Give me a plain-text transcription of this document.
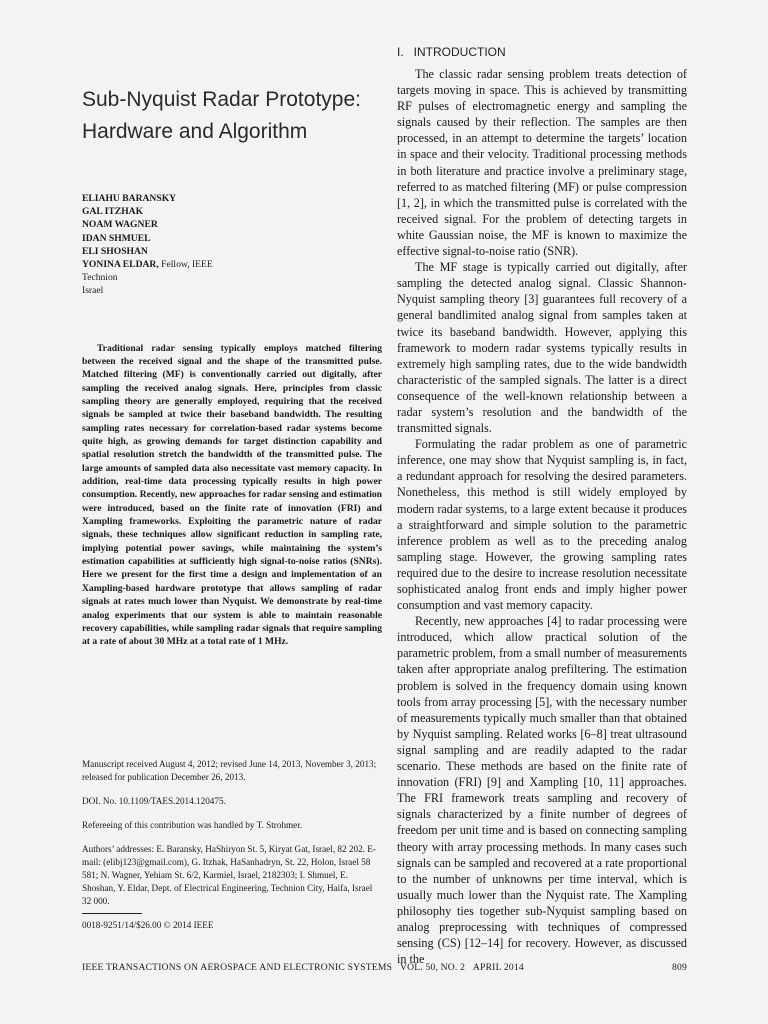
Sub-Nyquist Radar Prototype:
Hardware and Algorithm
ELIAHU BARANSKY
GAL ITZHAK
NOAM WAGNER
IDAN SHMUEL
ELI SHOSHAN
YONINA ELDAR, Fellow, IEEE
Technion
Israel

Traditional radar sensing typically employs matched filtering between the received signal and the shape of the transmitted pulse. Matched filtering (MF) is conventionally carried out digitally, after sampling the received analog signals. Here, principles from classic sampling theory are generally employed, requiring that the received signals be sampled at twice their baseband bandwidth. The resulting sampling rates necessary for correlation-based radar systems become quite high, as growing demands for target distinction capability and spatial resolution stretch the bandwidth of the transmitted pulse. The large amounts of sampled data also necessitate vast memory capacity. In addition, real-time data processing typically results in high power consumption. Recently, new approaches for radar sensing and estimation were introduced, based on the finite rate of innovation (FRI) and Xampling frameworks. Exploiting the parametric nature of radar signals, these techniques allow significant reduction in sampling rate, implying potential power savings, while maintaining the system’s estimation capabilities at sufficiently high signal-to-noise ratios (SNRs). Here we present for the first time a design and implementation of an Xampling-based hardware prototype that allows sampling of radar signals at rates much lower than Nyquist. We demonstrate by real-time analog experiments that our system is able to maintain reasonable recovery capabilities, while sampling radar signals that require sampling at a rate of about 30 MHz at a total rate of 1 MHz.

Manuscript received August 4, 2012; revised June 14, 2013, November 3, 2013; released for publication December 26, 2013.

DOI. No. 10.1109/TAES.2014.120475.

Refereeing of this contribution was handled by T. Strohmer.

Authors’ addresses: E. Baransky, HaShiryon St. 5, Kiryat Gat, Israel, 82 202. E-mail: (elibj123@gmail.com), G. Itzhak, HaSanhadryn, St. 22, Holon, Israel 58 581; N. Wagner, Yehiam St. 6/2, Karmiel, Israel, 2182303; I. Shmuel, E. Shoshan, Y. Eldar, Dept. of Electrical Engineering, Technion City, Haifa, Israel 32 000.

0018-9251/14/$26.00 © 2014 IEEE
I. INTRODUCTION

The classic radar sensing problem treats detection of targets moving in space. This is achieved by transmitting RF pulses of electromagnetic energy and sampling the signals caused by their reflection. The samples are then processed, in an attempt to determine the targets’ location in space and their velocity. Traditional processing methods in both literature and practice involve a preliminary stage, referred to as matched filtering (MF) or pulse compression [1, 2], in which the transmitted pulse is correlated with the received signal. For the problem of detecting targets in white Gaussian noise, the MF is known to maximize the effective signal-to-noise ratio (SNR).

The MF stage is typically carried out digitally, after sampling the detected analog signal. Classic Shannon-Nyquist sampling theory [3] guarantees full recovery of a general bandlimited analog signal from samples taken at twice its baseband bandwidth. However, applying this framework to modern radar systems typically results in extremely high sampling rates, due to the wide bandwidth characteristic of the sampled signals. The latter is a direct consequence of the well-known relationship between a radar system’s resolution and the bandwidth of the transmitted signals.

Formulating the radar problem as one of parametric inference, one may show that Nyquist sampling is, in fact, a redundant approach for resolving the desired parameters. Nonetheless, this method is still widely employed by modern radar systems, to a large extent because it produces a straightforward and simple solution to the parametric inference problem as well as to the preceding analog sampling stage. However, the growing sampling rates required due to the desire to increase resolution necessitate sophisticated analog front ends and imply higher power consumption and vast memory capacity.

Recently, new approaches [4] to radar processing were introduced, which allow practical solution of the parametric problem, from a small number of measurements taken after appropriate analog prefiltering. The estimation problem is solved in the frequency domain using known tools from array processing [5], with the necessary number of measurements typically much smaller than that obtained by Nyquist sampling. Related works [6–8] treat ultrasound signal sampling and are readily adapted to the radar scenario. These methods are based on the finite rate of innovation (FRI) [9] and Xampling [10, 11] approaches. The FRI framework treats sampling and recovery of signals characterized by a finite number of degrees of freedom per unit time and is based on connecting sampling theory with array processing methods. In many cases such signals can be sampled and recovered at a rate proportional to the number of unknowns per time interval, which is usually much lower than the Nyquist rate. The Xampling philosophy ties together sub-Nyquist sampling based on analog preprocessing with techniques of compressed sensing (CS) [12–14] for recovery. However, as discussed in the

IEEE TRANSACTIONS ON AEROSPACE AND ELECTRONIC SYSTEMS VOL. 50, NO. 2 APRIL 2014	809
